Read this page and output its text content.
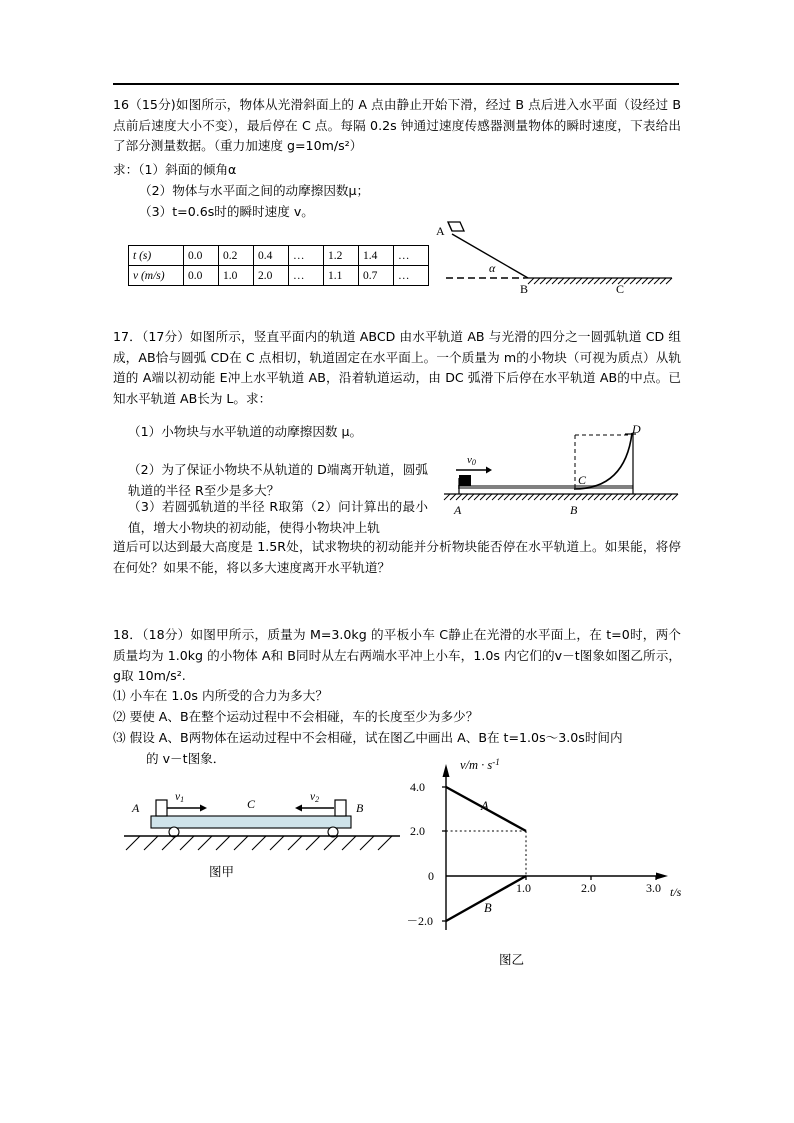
16（15分)如图所示，物体从光滑斜面上的 A 点由静止开始下滑，经过 B 点后进入水平面（设经过 B 点前后速度大小不变），最后停在 C 点。每隔 0.2s 钟通过速度传感器测量物体的瞬时速度，下表给出了部分测量数据。（重力加速度 g=10m/s²）
求：（1）斜面的倾角α
（2）物体与水平面之间的动摩擦因数μ；
（3）t=0.6s时的瞬时速度 v。
t (s)	0.0	0.2	0.4	…	1.2	1.4	…
v (m/s)	0.0	1.0	2.0	…	1.1	0.7	…
A
α
B	C
17．（17分）如图所示，竖直平面内的轨道 ABCD 由水平轨道 AB 与光滑的四分之一圆弧轨道 CD 组成，AB恰与圆弧 CD在 C 点相切，轨道固定在水平面上。一个质量为 m的小物块（可视为质点）从轨道的 A端以初动能 E冲上水平轨道 AB，沿着轨道运动，由 DC 弧滑下后停在水平轨道 AB的中点。已知水平轨道 AB长为 L。求：
（1）小物块与水平轨道的动摩擦因数 μ。
（2）为了保证小物块不从轨道的 D端离开轨道，圆弧轨道的半径 R至少是多大？
（3）若圆弧轨道的半径 R取第（2）问计算出的最小值，增大小物块的初动能，使得小物块冲上轨
道后可以达到最大高度是 1.5R处，试求物块的初动能并分析物块能否停在水平轨道上。如果能，将停在何处？如果不能，将以多大速度离开水平轨道？
v0
A	B
C
D
18．（18分）如图甲所示，质量为 M=3.0kg 的平板小车 C静止在光滑的水平面上，在 t=0时，两个质量均为 1.0kg 的小物体 A和 B同时从左右两端水平冲上小车，1.0s 内它们的v－t图象如图乙所示，g取 10m/s².
⑴ 小车在 1.0s 内所受的合力为多大？
⑵ 要使 A、B在整个运动过程中不会相碰，车的长度至少为多少？
⑶ 假设 A、B两物体在运动过程中不会相碰，试在图乙中画出 A、B在 t=1.0s～3.0s时间内
的 v－t图象．
A	B
C
v1	v2
图甲
4.0
2.0
0
－2.0
1.0	2.0	3.0
$v/m \cdot s^{-1}$
t/s
A
B
图乙
